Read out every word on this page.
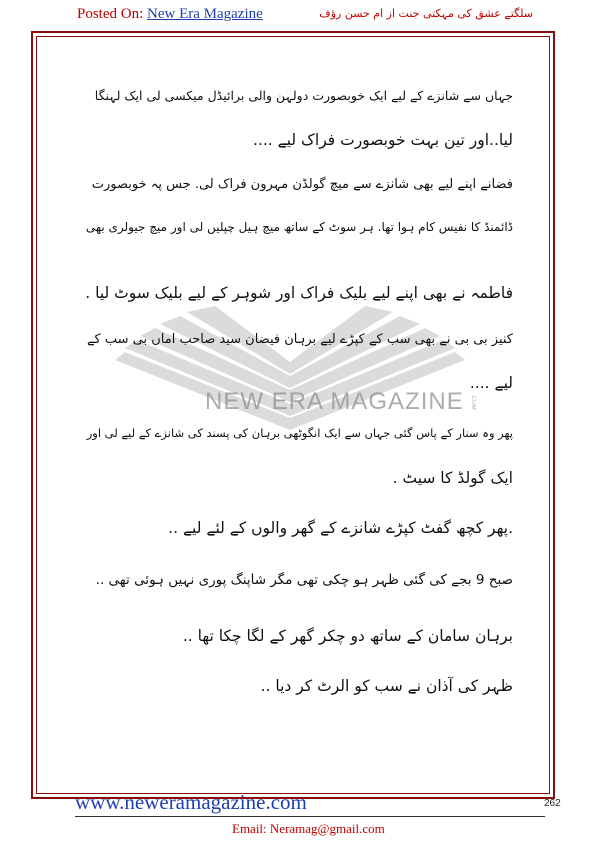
Posted On: New Era Magazine	سلگتے عشق کی مہکتی جنت از ام حسن رؤف
NEW ERA MAGAZINE .COM
جہاں سے شانزے کے لیے ایک خوبصورت دولہن والی برائیڈل میکسی لی ایک لہنگا
لیا..اور تین بہت خوبصورت فراک لیے ....
فضانے اپنے لیے بھی شانزے سے میچ گولڈن مہرون فراک لی. جس پہ خوبصورت
ڈائمنڈ کا نفیس کام ہوا تھا. ہر سوٹ کے ساتھ میچ ہیل چپلیں لی اور میچ جیولری بھی
فاطمہ نے بھی اپنے لیے بلیک فراک اور شوہر کے لیے بلیک سوٹ لیا .
کنیز بی بی نے بھی سب کے کپڑے لیے برہان فیضان سید صاحب اماں بی سب کے
لیے ....
پھر وہ سنار کے پاس گئی جہاں سے ایک انگوٹھی برہان کی پسند کی شانزے کے لیے لی اور
ایک گولڈ کا سیٹ .
.پھر کچھ گفٹ کپڑے شانزے کے گھر والوں کے لئے لیے ..
صبح 9 بجے کی گئی ظہر ہو چکی تھی مگر شاپنگ پوری نہیں ہوئی تھی ..
برہان سامان کے ساتھ دو چکر گھر کے لگا چکا تھا ..
ظہر کی آذان نے سب کو الرٹ کر دیا ..
www.neweramagazine.com	262
Email: Neramag@gmail.com
